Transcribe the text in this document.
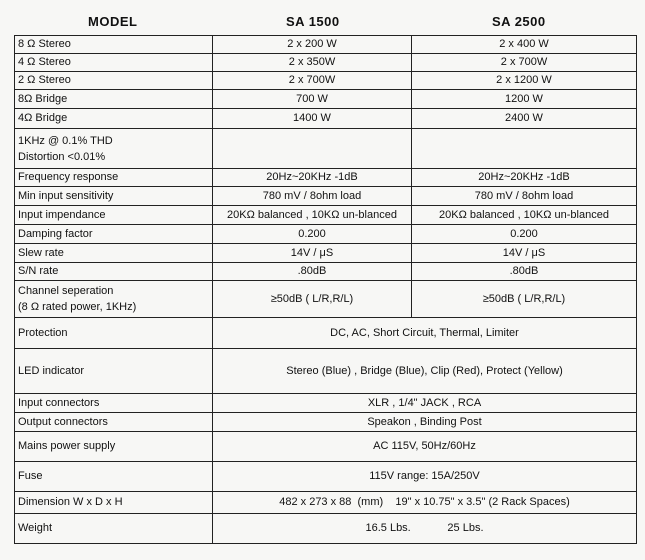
MODEL	SA 1500	SA 2500
8 Ω Stereo	2 x 200 W	2 x 400 W
4 Ω Stereo	2 x 350W	2 x 700W
2 Ω Stereo	2 x 700W	2 x 1200 W
8Ω Bridge	700 W	1200 W
4Ω Bridge	1400 W	2400 W

1KHz @ 0.1% THD
Distortion <0.01%		

Frequency response	20Hz~20KHz -1dB	20Hz~20KHz -1dB
Min input sensitivity	780 mV / 8ohm load	780 mV / 8ohm load
Input impendance	20KΩ balanced , 10KΩ un-blanced	20KΩ balanced , 10KΩ un-blanced
Damping factor	0.200	0.200
Slew rate	14V / μS	14V / μS
S/N rate	.80dB	.80dB

Channel seperation
(8 Ω rated power, 1KHz)	≥50dB ( L/R,R/L)	≥50dB ( L/R,R/L)
Protection	DC, AC, Short Circuit, Thermal, Limiter	
LED indicator	Stereo (Blue) , Bridge (Blue), Clip (Red), Protect (Yellow)	
Input connectors	XLR , 1/4" JACK , RCA	
Output connectors	Speakon , Binding Post	
Mains power supply	AC 115V, 50Hz/60Hz	
Fuse	115V range: 15A/250V	
Dimension W x D x H	482 x 273 x 88  (mm)    19" x 10.75" x 3.5" (2 Rack Spaces)	
Weight	16.5 Lbs.            25 Lbs.	
